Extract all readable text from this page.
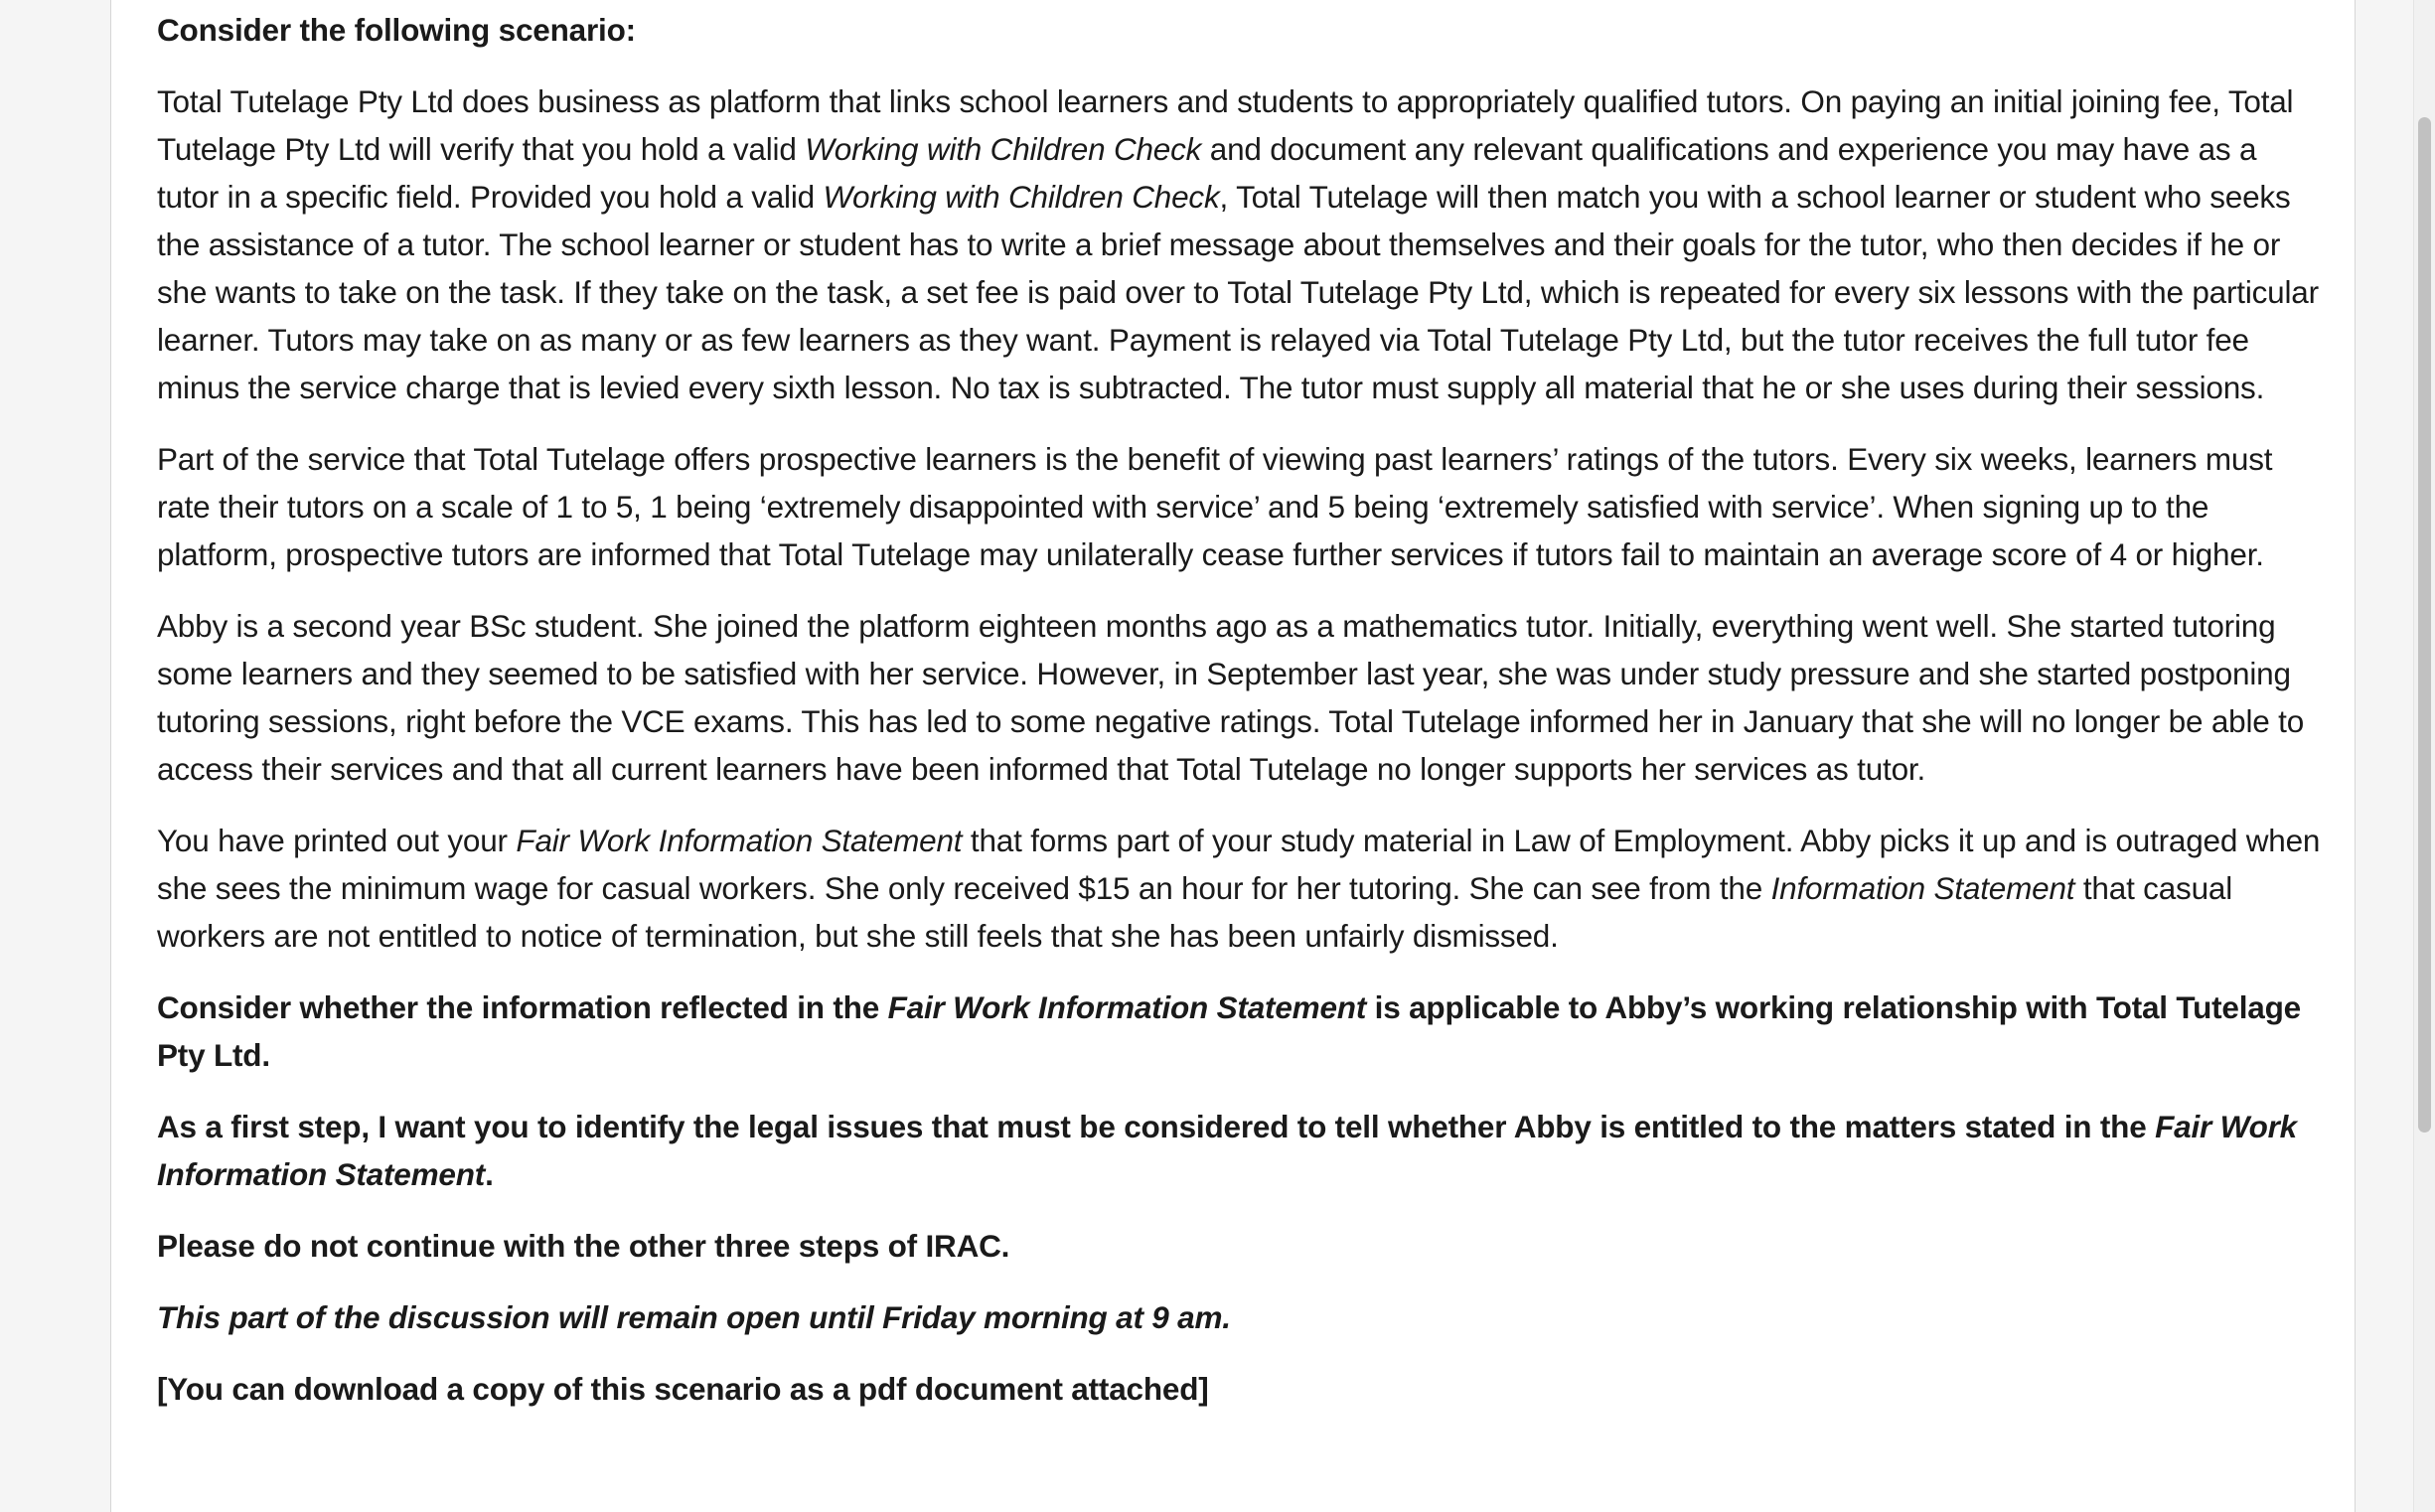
Consider the following scenario:

Total Tutelage Pty Ltd does business as platform that links school learners and students to appropriately qualified tutors. On paying an initial joining fee, Total Tutelage Pty Ltd will verify that you hold a valid Working with Children Check and document any relevant qualifications and experience you may have as a tutor in a specific field. Provided you hold a valid Working with Children Check, Total Tutelage will then match you with a school learner or student who seeks the assistance of a tutor. The school learner or student has to write a brief message about themselves and their goals for the tutor, who then decides if he or she wants to take on the task. If they take on the task, a set fee is paid over to Total Tutelage Pty Ltd, which is repeated for every six lessons with the particular learner. Tutors may take on as many or as few learners as they want. Payment is relayed via Total Tutelage Pty Ltd, but the tutor receives the full tutor fee minus the service charge that is levied every sixth lesson. No tax is subtracted. The tutor must supply all material that he or she uses during their sessions.

Part of the service that Total Tutelage offers prospective learners is the benefit of viewing past learners’ ratings of the tutors. Every six weeks, learners must rate their tutors on a scale of 1 to 5, 1 being ‘extremely disappointed with service’ and 5 being ‘extremely satisfied with service’. When signing up to the platform, prospective tutors are informed that Total Tutelage may unilaterally cease further services if tutors fail to maintain an average score of 4 or higher.

Abby is a second year BSc student. She joined the platform eighteen months ago as a mathematics tutor. Initially, everything went well. She started tutoring some learners and they seemed to be satisfied with her service. However, in September last year, she was under study pressure and she started postponing tutoring sessions, right before the VCE exams. This has led to some negative ratings. Total Tutelage informed her in January that she will no longer be able to access their services and that all current learners have been informed that Total Tutelage no longer supports her services as tutor.

You have printed out your Fair Work Information Statement that forms part of your study material in Law of Employment. Abby picks it up and is outraged when she sees the minimum wage for casual workers. She only received $15 an hour for her tutoring. She can see from the Information Statement that casual workers are not entitled to notice of termination, but she still feels that she has been unfairly dismissed.

Consider whether the information reflected in the Fair Work Information Statement is applicable to Abby’s working relationship with Total Tutelage Pty Ltd.

As a first step, I want you to identify the legal issues that must be considered to tell whether Abby is entitled to the matters stated in the Fair Work Information Statement.

Please do not continue with the other three steps of IRAC.

This part of the discussion will remain open until Friday morning at 9 am.

[You can download a copy of this scenario as a pdf document attached]
